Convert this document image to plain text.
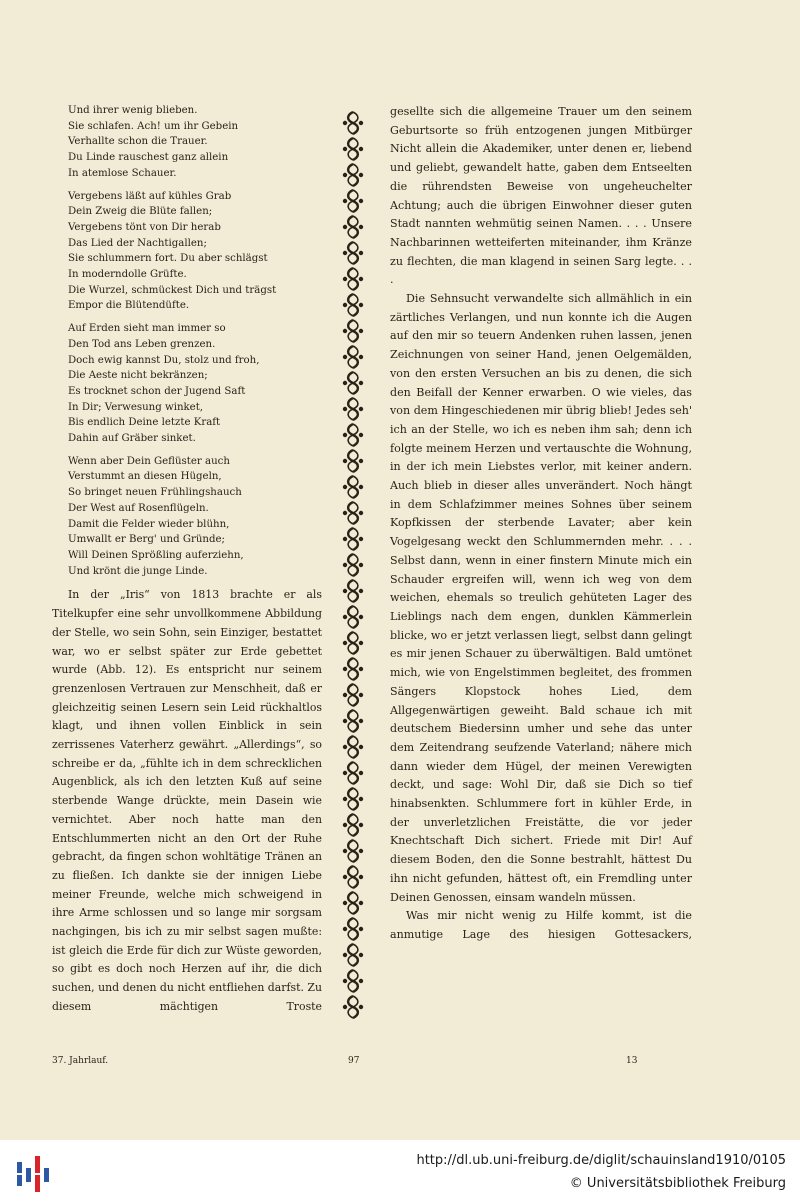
Und ihrer wenig blieben.
Sie schlafen. Ach! um ihr Gebein
Verhallte schon die Trauer.
Du Linde rauschest ganz allein
In atemlose Schauer.
Vergebens läßt auf kühles Grab
Dein Zweig die Blüte fallen;
Vergebens tönt von Dir herab
Das Lied der Nachtigallen;
Sie schlummern fort. Du aber schlägst
In moderndolle Grüfte.
Die Wurzel, schmückest Dich und trägst
Empor die Blütendüfte.
Auf Erden sieht man immer so
Den Tod ans Leben grenzen.
Doch ewig kannst Du, stolz und froh,
Die Aeste nicht bekränzen;
Es trocknet schon der Jugend Saft
In Dir; Verwesung winket,
Bis endlich Deine letzte Kraft
Dahin auf Gräber sinket.
Wenn aber Dein Geflüster auch
Verstummt an diesen Hügeln,
So bringet neuen Frühlingshauch
Der West auf Rosenflügeln.
Damit die Felder wieder blühn,
Umwallt er Berg' und Gründe;
Will Deinen Sprößling auferziehn,
Und krönt die junge Linde.

In der „Iris“ von 1813 brachte er als Titelkupfer eine sehr unvollkommene Abbildung der Stelle, wo sein Sohn, sein Einziger, bestattet war, wo er selbst später zur Erde gebettet wurde (Abb. 12). Es entspricht nur seinem grenzenlosen Vertrauen zur Menschheit, daß er gleichzeitig seinen Lesern sein Leid rückhaltlos klagt, und ihnen vollen Einblick in sein zerrissenes Vaterherz gewährt. „Allerdings“, so schreibe er da, „fühlte ich in dem schrecklichen Augenblick, als ich den letzten Kuß auf seine sterbende Wange drückte, mein Dasein wie vernichtet. Aber noch hatte man den Entschlummerten nicht an den Ort der Ruhe gebracht, da fingen schon wohltätige Tränen an zu fließen. Ich dankte sie der innigen Liebe meiner Freunde, welche mich schweigend in ihre Arme schlossen und so lange mir sorgsam nachgingen, bis ich zu mir selbst sagen mußte: ist gleich die Erde für dich zur Wüste geworden, so gibt es doch noch Herzen auf ihr, die dich suchen, und denen du nicht entfliehen darfst. Zu diesem mächtigen Troste

gesellte sich die allgemeine Trauer um den seinem Geburtsorte so früh entzogenen jungen Mitbürger Nicht allein die Akademiker, unter denen er, liebend und geliebt, gewandelt hatte, gaben dem Entseelten die rührendsten Beweise von ungeheuchelter Achtung; auch die übrigen Einwohner dieser guten Stadt nannten wehmütig seinen Namen. . . . Unsere Nachbarinnen wetteiferten miteinander, ihm Kränze zu flechten, die man klagend in seinen Sarg legte. . . .

Die Sehnsucht verwandelte sich allmählich in ein zärtliches Verlangen, und nun konnte ich die Augen auf den mir so teuern Andenken ruhen lassen, jenen Zeichnungen von seiner Hand, jenen Oelgemälden, von den ersten Versuchen an bis zu denen, die sich den Beifall der Kenner erwarben. O wie vieles, das von dem Hingeschiedenen mir übrig blieb! Jedes seh' ich an der Stelle, wo ich es neben ihm sah; denn ich folgte meinem Herzen und vertauschte die Wohnung, in der ich mein Liebstes verlor, mit keiner andern. Auch blieb in dieser alles unverändert. Noch hängt in dem Schlafzimmer meines Sohnes über seinem Kopfkissen der sterbende Lavater; aber kein Vogelgesang weckt den Schlummernden mehr. . . . Selbst dann, wenn in einer finstern Minute mich ein Schauder ergreifen will, wenn ich weg von dem weichen, ehemals so treulich gehüteten Lager des Lieblings nach dem engen, dunklen Kämmerlein blicke, wo er jetzt verlassen liegt, selbst dann gelingt es mir jenen Schauer zu überwältigen. Bald umtönet mich, wie von Engelstimmen begleitet, des frommen Sängers Klopstock hohes Lied, dem Allgegenwärtigen geweiht. Bald schaue ich mit deutschem Biedersinn umher und sehe das unter dem Zeitendrang seufzende Vaterland; nähere mich dann wieder dem Hügel, der meinen Verewigten deckt, und sage: Wohl Dir, daß sie Dich so tief hinabsenkten. Schlummere fort in kühler Erde, in der unverletzlichen Freistätte, die vor jeder Knechtschaft Dich sichert. Friede mit Dir! Auf diesem Boden, den die Sonne bestrahlt, hättest Du ihn nicht gefunden, hättest oft, ein Fremdling unter Deinen Genossen, einsam wandeln müssen.

Was mir nicht wenig zu Hilfe kommt, ist die anmutige Lage des hiesigen Gottesackers,

37. Jahrlauf.	97	13
http://dl.ub.uni-freiburg.de/diglit/schauinsland1910/0105
© Universitätsbibliothek Freiburg
